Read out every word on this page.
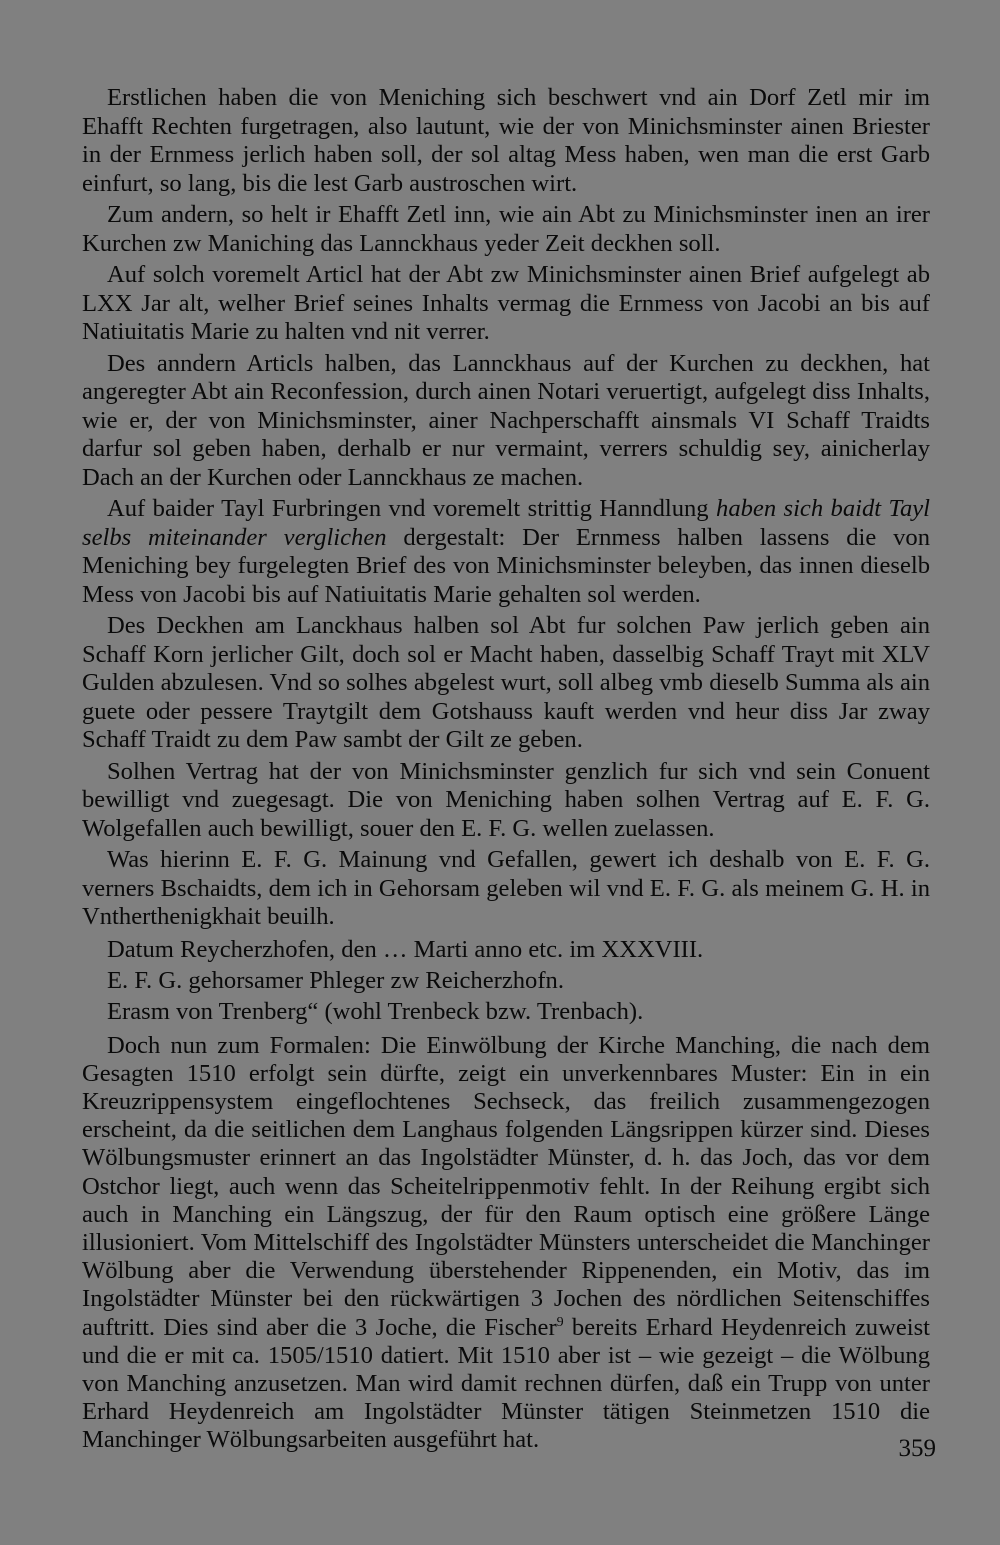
Erstlichen haben die von Meniching sich beschwert vnd ain Dorf Zetl mir im Ehafft Rechten furgetragen, also lautunt, wie der von Minichsminster ainen Briester in der Ernmess jerlich haben soll, der sol altag Mess haben, wen man die erst Garb einfurt, so lang, bis die lest Garb austroschen wirt.

Zum andern, so helt ir Ehafft Zetl inn, wie ain Abt zu Minichsminster inen an irer Kurchen zw Maniching das Lannckhaus yeder Zeit deckhen soll.

Auf solch voremelt Articl hat der Abt zw Minichsminster ainen Brief aufgelegt ab LXX Jar alt, welher Brief seines Inhalts vermag die Ernmess von Jacobi an bis auf Natiuitatis Marie zu halten vnd nit verrer.

Des anndern Articls halben, das Lannckhaus auf der Kurchen zu deckhen, hat angeregter Abt ain Reconfession, durch ainen Notari veruertigt, aufgelegt diss Inhalts, wie er, der von Minichsminster, ainer Nachperschafft ainsmals VI Schaff Traidts darfur sol geben haben, derhalb er nur vermaint, verrers schuldig sey, ainicherlay Dach an der Kurchen oder Lannckhaus ze machen.

Auf baider Tayl Furbringen vnd voremelt strittig Hanndlung haben sich baidt Tayl selbs miteinander verglichen dergestalt: Der Ernmess halben lassens die von Meniching bey furgelegten Brief des von Minichsminster beleyben, das innen dieselb Mess von Jacobi bis auf Natiuitatis Marie gehalten sol werden.

Des Deckhen am Lanckhaus halben sol Abt fur solchen Paw jerlich geben ain Schaff Korn jerlicher Gilt, doch sol er Macht haben, dasselbig Schaff Trayt mit XLV Gulden abzulesen. Vnd so solhes abgelest wurt, soll albeg vmb dieselb Summa als ain guete oder pessere Traytgilt dem Gotshauss kauft werden vnd heur diss Jar zway Schaff Traidt zu dem Paw sambt der Gilt ze geben.

Solhen Vertrag hat der von Minichsminster genzlich fur sich vnd sein Conuent bewilligt vnd zuegesagt. Die von Meniching haben solhen Vertrag auf E. F. G. Wolgefallen auch bewilligt, souer den E. F. G. wellen zuelassen.

Was hierinn E. F. G. Mainung vnd Gefallen, gewert ich deshalb von E. F. G. verners Bschaidts, dem ich in Gehorsam geleben wil vnd E. F. G. als meinem G. H. in Vntherthenigkhait beuilh.

Datum Reycherzhofen, den … Marti anno etc. im XXXVIII.

E. F. G. gehorsamer Phleger zw Reicherzhofn.

Erasm von Trenberg“ (wohl Trenbeck bzw. Trenbach).

Doch nun zum Formalen: Die Einwölbung der Kirche Manching, die nach dem Gesagten 1510 erfolgt sein dürfte, zeigt ein unverkennbares Muster: Ein in ein Kreuzrippensystem eingeflochtenes Sechseck, das freilich zusammengezogen erscheint, da die seitlichen dem Langhaus folgenden Längsrippen kürzer sind. Dieses Wölbungsmuster erinnert an das Ingolstädter Münster, d. h. das Joch, das vor dem Ostchor liegt, auch wenn das Scheitelrippenmotiv fehlt. In der Reihung ergibt sich auch in Manching ein Längszug, der für den Raum optisch eine größere Länge illusioniert. Vom Mittelschiff des Ingolstädter Münsters unterscheidet die Manchinger Wölbung aber die Verwendung überstehender Rippenenden, ein Motiv, das im Ingolstädter Münster bei den rückwärtigen 3 Jochen des nördlichen Seitenschiffes auftritt. Dies sind aber die 3 Joche, die Fischer$^9$ bereits Erhard Heydenreich zuweist und die er mit ca. 1505/1510 datiert. Mit 1510 aber ist – wie gezeigt – die Wölbung von Manching anzusetzen. Man wird damit rechnen dürfen, daß ein Trupp von unter Erhard Heydenreich am Ingolstädter Münster tätigen Steinmetzen 1510 die Manchinger Wölbungsarbeiten ausgeführt hat.	359
